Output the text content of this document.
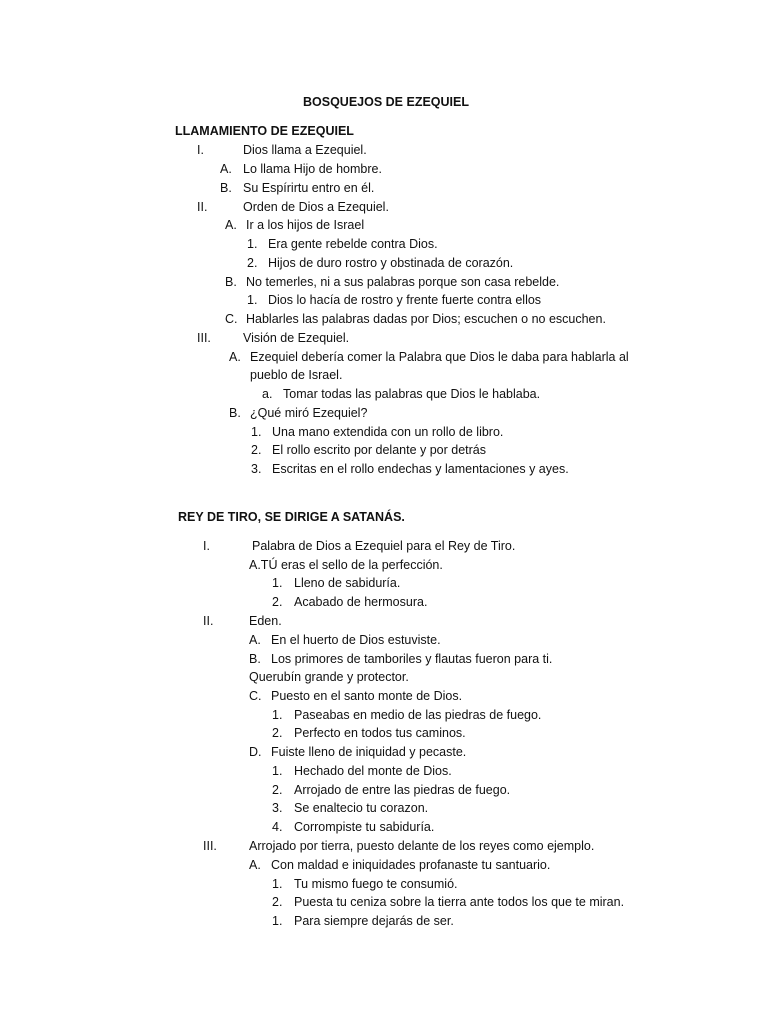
BOSQUEJOS DE EZEQUIEL
LLAMAMIENTO DE EZEQUIEL
I.	Dios llama a Ezequiel.
A. Lo llama Hijo de hombre.
B. Su Espírirtu entro en él.
II.	Orden de Dios a Ezequiel.
A. Ir a los hijos de Israel
1. Era gente rebelde contra Dios.
2. Hijos de duro rostro y obstinada de corazón.
B. No temerles, ni a sus palabras porque son casa rebelde.
1. Dios lo hacía de rostro y frente fuerte contra ellos
C. Hablarles las palabras dadas por Dios; escuchen o no escuchen.
III.	Visión de Ezequiel.
A. Ezequiel debería comer la Palabra que Dios le daba para hablarla al
pueblo de Israel.
a. Tomar todas las palabras que Dios le hablaba.
B. ¿Qué miró Ezequiel?
1. Una mano extendida con un rollo de libro.
2. El rollo escrito por delante y por detrás
3. Escritas en el rollo endechas y lamentaciones y ayes.
REY DE TIRO, SE DIRIGE A SATANÁS.
I.	Palabra de Dios a Ezequiel para el Rey de Tiro.
A.TÚ eras el sello de la perfección.
1. Lleno de sabiduría.
2. Acabado de hermosura.
II.	Eden.
A. En el huerto de Dios estuviste.
B. Los primores de tamboriles y flautas fueron para ti.
Querubín grande y protector.
C. Puesto en el santo monte de Dios.
1. Paseabas en medio de las piedras de fuego.
2. Perfecto en todos tus caminos.
D. Fuiste lleno de iniquidad y pecaste.
1. Hechado del monte de Dios.
2. Arrojado de entre las piedras de fuego.
3. Se enaltecio tu corazon.
4. Corrompiste tu sabiduría.
III.	Arrojado por tierra, puesto delante de los reyes como ejemplo.
A. Con maldad e iniquidades profanaste tu santuario.
1. Tu mismo fuego te consumió.
2. Puesta tu ceniza sobre la tierra ante todos los que te miran.
1. Para siempre dejarás de ser.
